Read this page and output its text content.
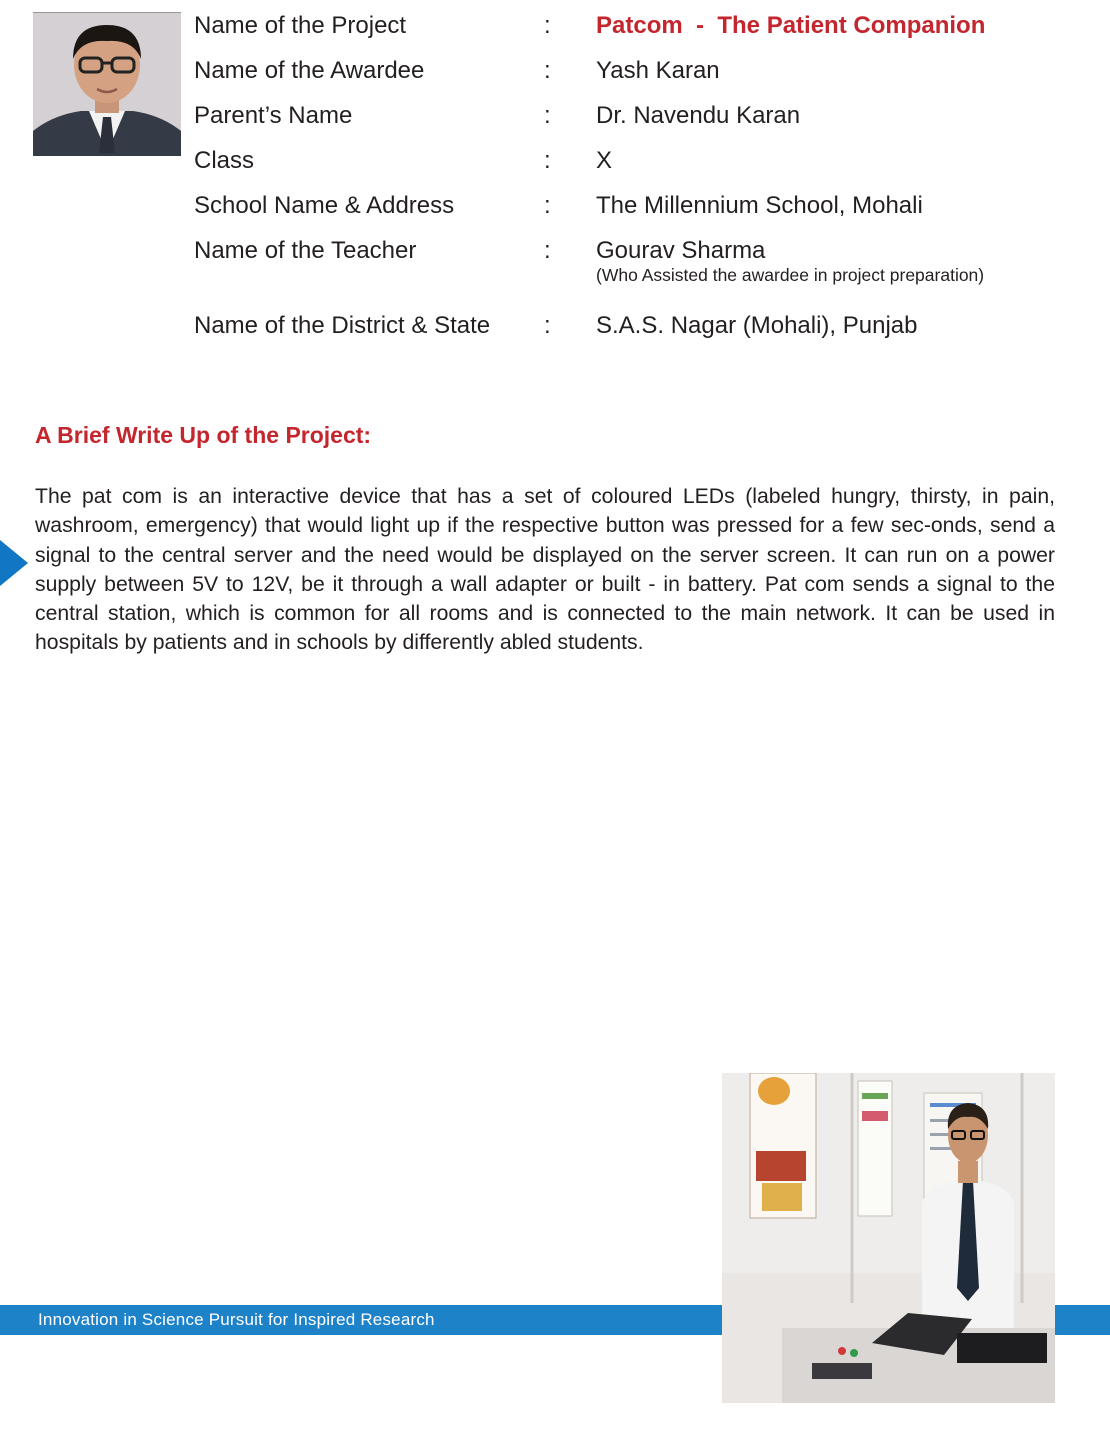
Name of the Project	: Patcom  -  The Patient Companion
Name of the Awardee	: Yash Karan
Parent’s Name	: Dr. Navendu Karan
Class	: X
School Name & Address	: The Millennium School, Mohali
Name of the Teacher	: Gourav Sharma
(Who Assisted the awardee in project preparation)
Name of the District & State	: S.A.S. Nagar (Mohali), Punjab
A Brief Write Up of the Project:

The pat com is an interactive device that has a set of coloured LEDs (labeled hungry, thirsty, in pain, washroom, emergency) that would light up if the respective button was pressed for a few sec-onds, send a signal to the central server and the need would be displayed on the server screen. It can run on a power supply between 5V to 12V, be it through a wall adapter or built - in battery. Pat com sends a signal to the central station, which is common for all rooms and is connected to the main network. It can be used in hospitals by patients and in schools by differently abled students.

Innovation in Science Pursuit for Inspired Research
